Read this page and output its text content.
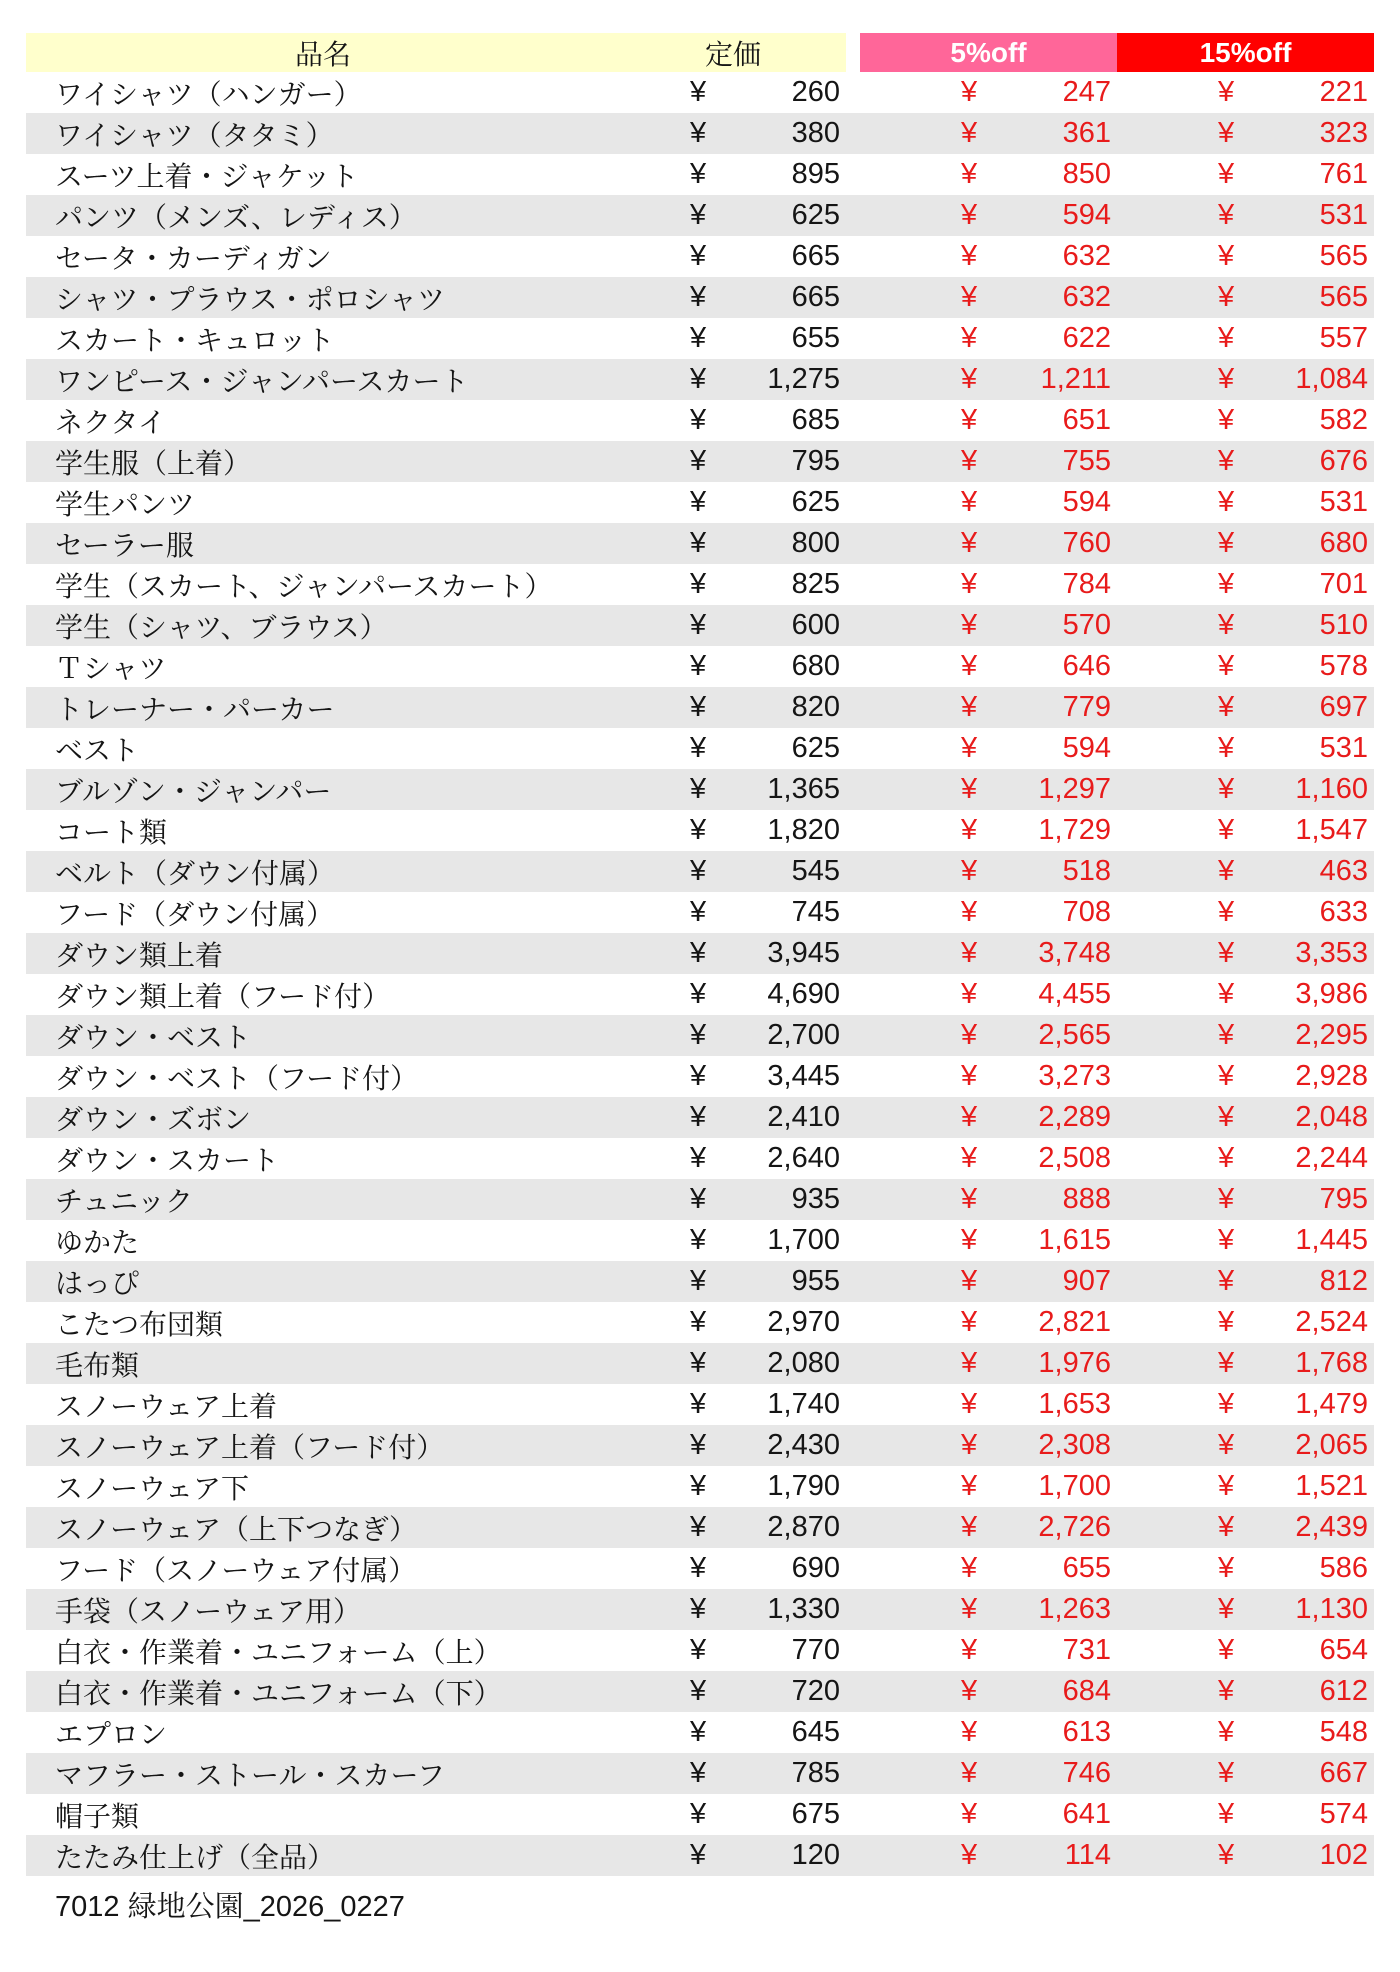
品名	定価	5%off	15%off
ワイシャツ（ハンガー）	¥	260	¥	247	¥	221
ワイシャツ（タタミ）	¥	380	¥	361	¥	323
スーツ上着・ジャケット	¥	895	¥	850	¥	761
パンツ（メンズ、レディス）	¥	625	¥	594	¥	531
セータ・カーディガン	¥	665	¥	632	¥	565
シャツ・プラウス・ポロシャツ	¥	665	¥	632	¥	565
スカート・キュロット	¥	655	¥	622	¥	557
ワンピース・ジャンパースカート	¥ 1,275	¥ 1,211	¥ 1,084
ネクタイ	¥	685	¥	651	¥	582
学生服（上着）	¥	795	¥	755	¥	676
学生パンツ	¥	625	¥	594	¥	531
セーラー服	¥	800	¥	760	¥	680
学生（スカート、ジャンパースカート）	¥	825	¥	784	¥	701
学生（シャツ、ブラウス）	¥	600	¥	570	¥	510
Ｔシャツ	¥	680	¥	646	¥	578
トレーナー・パーカー	¥	820	¥	779	¥	697
ベスト	¥	625	¥	594	¥	531
ブルゾン・ジャンパー	¥ 1,365	¥ 1,297	¥ 1,160
コート類	¥ 1,820	¥ 1,729	¥ 1,547
ベルト（ダウン付属）	¥	545	¥	518	¥	463
フード（ダウン付属）	¥	745	¥	708	¥	633
ダウン類上着	¥ 3,945	¥ 3,748	¥ 3,353
ダウン類上着（フード付）	¥ 4,690	¥ 4,455	¥ 3,986
ダウン・ベスト	¥ 2,700	¥ 2,565	¥ 2,295
ダウン・ベスト（フード付）	¥ 3,445	¥ 3,273	¥ 2,928
ダウン・ズボン	¥ 2,410	¥ 2,289	¥ 2,048
ダウン・スカート	¥ 2,640	¥ 2,508	¥ 2,244
チュニック	¥	935	¥	888	¥	795
ゆかた	¥ 1,700	¥ 1,615	¥ 1,445
はっぴ	¥	955	¥	907	¥	812
こたつ布団類	¥ 2,970	¥ 2,821	¥ 2,524
毛布類	¥ 2,080	¥ 1,976	¥ 1,768
スノーウェア上着	¥ 1,740	¥ 1,653	¥ 1,479
スノーウェア上着（フード付）	¥ 2,430	¥ 2,308	¥ 2,065
スノーウェア下	¥ 1,790	¥ 1,700	¥ 1,521
スノーウェア（上下つなぎ）	¥ 2,870	¥ 2,726	¥ 2,439
フード（スノーウェア付属）	¥	690	¥	655	¥	586
手袋（スノーウェア用）	¥ 1,330	¥ 1,263	¥ 1,130
白衣・作業着・ユニフォーム（上）	¥	770	¥	731	¥	654
白衣・作業着・ユニフォーム（下）	¥	720	¥	684	¥	612
エプロン	¥	645	¥	613	¥	548
マフラー・ストール・スカーフ	¥	785	¥	746	¥	667
帽子類	¥	675	¥	641	¥	574
たたみ仕上げ（全品）	¥	120	¥	114	¥	102
7012 緑地公園_2026_0227
